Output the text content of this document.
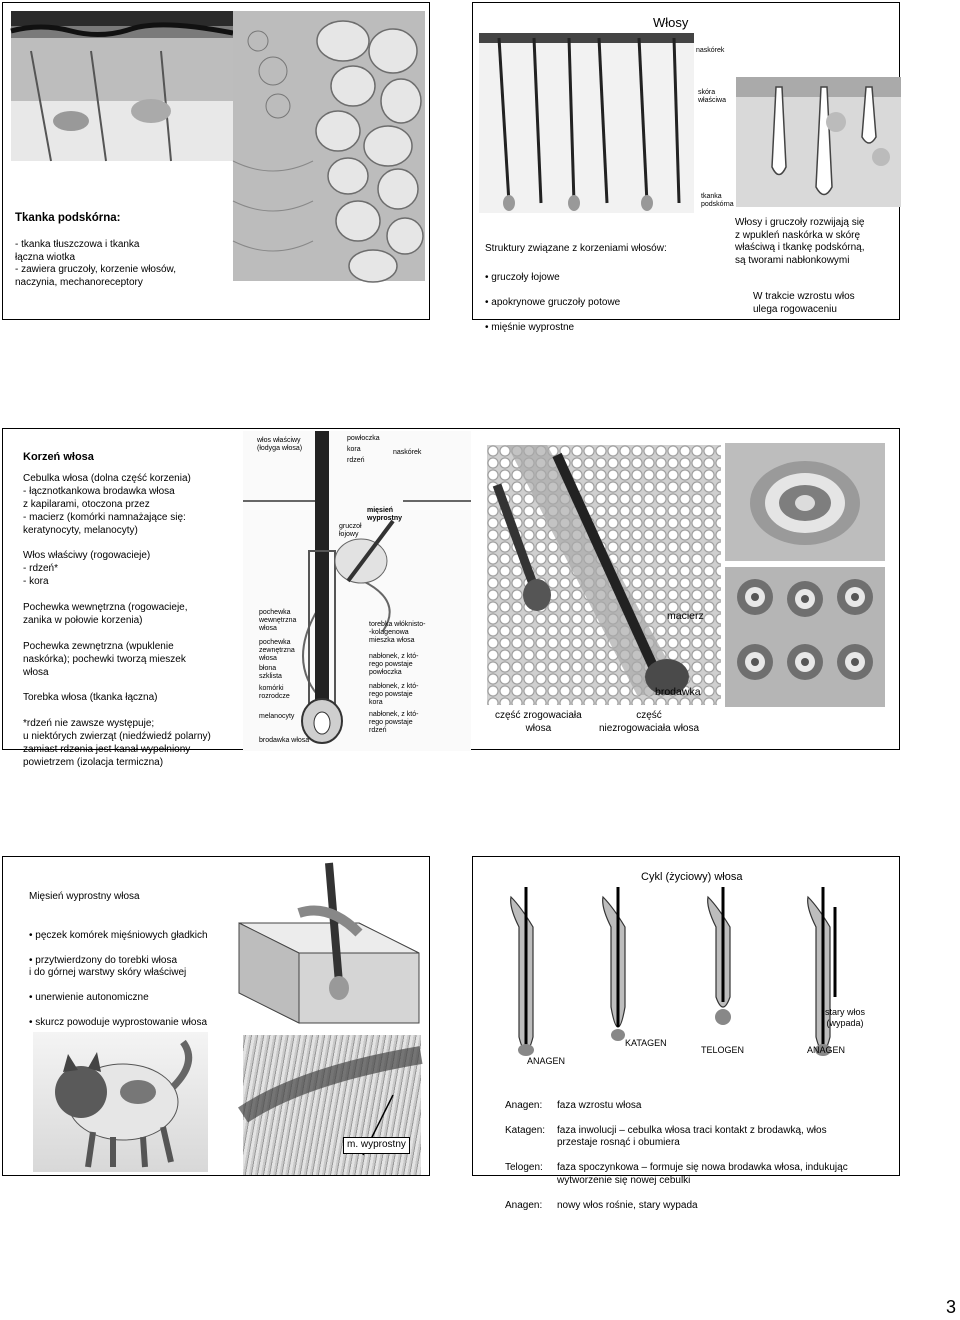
Tkanka podskórna:
- tkanka tłuszczowa i tkanka
łączna wiotka
- zawiera gruczoły, korzenie włosów,
naczynia, mechanoreceptory
Włosy
naskórek
skóra
właściwa
tkanka
podskórna
Struktury związane z korzeniami włosów:

• gruczoły łojowe

• apokrynowe gruczoły potowe

• mięśnie wyprostne

Włosy i gruczoły rozwijają się
z wpukleń naskórka w skórę
właściwą i tkankę podskórną,
są tworami nabłonkowymi
W trakcie wzrostu włos
ulega rogowaceniu
Korzeń włosa
Cebulka włosa (dolna część korzenia)
- łącznotkankowa brodawka włosa
z kapilarami, otoczona przez
- macierz (komórki namnażające się:
keratynocyty, melanocyty)

Włos właściwy (rogowacieje)
- rdzeń*
- kora

Pochewka wewnętrzna (rogowacieje,
zanika w połowie korzenia)

Pochewka zewnętrzna (wpuklenie
naskórka); pochewki tworzą mieszek
włosa

Torebka włosa (tkanka łączna)

*rdzeń nie zawsze występuje;
u niektórych zwierząt (niedźwiedź polarny)
zamiast rdzenia jest kanał wypełniony
powietrzem (izolacja termiczna)
włos właściwy
(łodyga włosa)
powłoczka
kora
rdzeń
naskórek
mięsień
wyprostny
gruczoł
łojowy
pochewka
wewnętrzna
włosa
pochewka
zewnętrzna
włosa
błona
szklista
komórki
rozrodcze
melanocyty
brodawka włosa
torebka włóknisto-
-kolagenowa
mieszka włosa
nabłonek, z któ-
rego powstaje
powłoczka
nabłonek, z któ-
rego powstaje
kora
nabłonek, z któ-
rego powstaje
rdzeń
macierz
brodawka
część zrogowaciała
włosa
część
niezrogowaciała włosa
Mięsień wyprostny włosa

• pęczek komórek mięśniowych gładkich

• przytwierdzony do torebki włosa
i do górnej warstwy skóry właściwej

• unerwienie autonomiczne

• skurcz powoduje wyprostowanie włosa

m. wyprostny
Cykl (życiowy) włosa
ANAGEN
KATAGEN
TELOGEN	ANAGEN
stary włos
(wypada)

Anagen:	faza wzrostu włosa

Katagen:	faza inwolucji – cebulka włosa traci kontakt z brodawką, włos
przestaje rosnąć i obumiera

Telogen:	faza spoczynkowa – formuje się nowa brodawka włosa, indukując
wytworzenie się nowej cebulki

Anagen:	nowy włos rośnie, stary wypada

3
